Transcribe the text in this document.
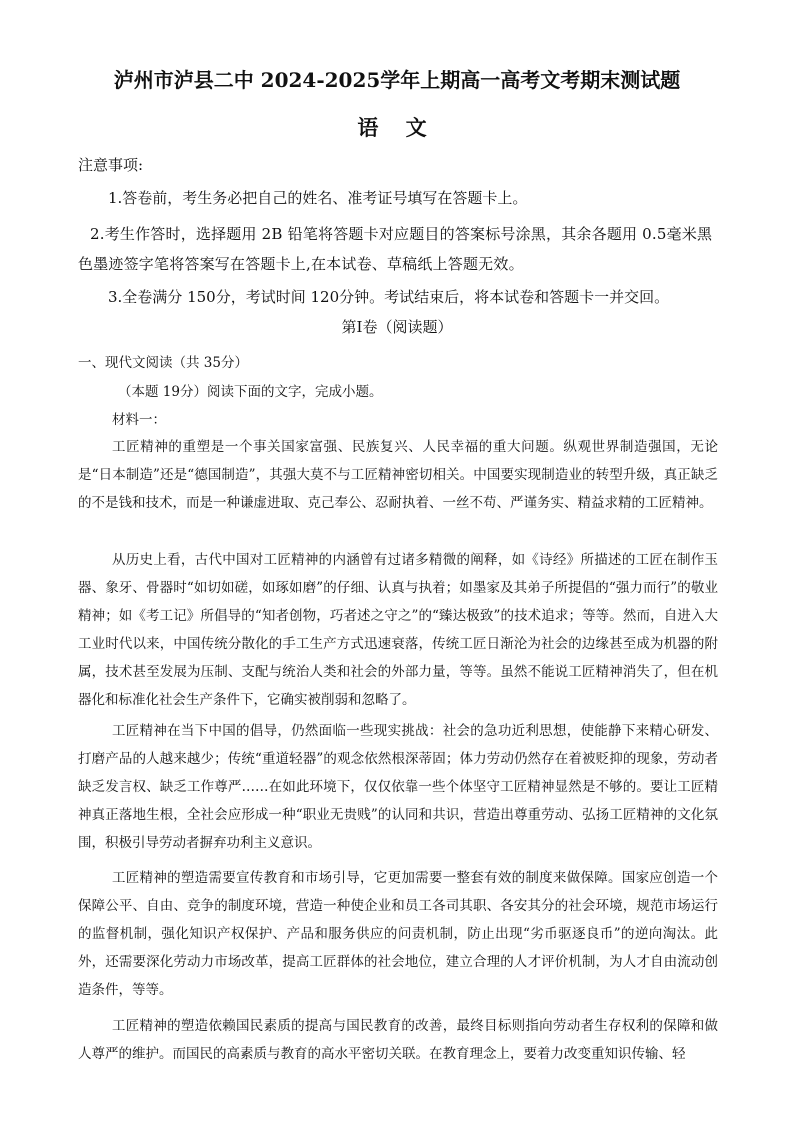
泸州市泸县二中 2024-2025学年上期高一高考文考期末测试题
语 文
注意事项:
1.答卷前，考生务必把自己的姓名、准考证号填写在答题卡上。
2.考生作答时，选择题用 2B 铅笔将答题卡对应题目的答案标号涂黑，其余各题用 0.5毫米黑色墨迹签字笔将答案写在答题卡上,在本试卷、草稿纸上答题无效。
3.全卷满分 150分，考试时间 120分钟。考试结束后，将本试卷和答题卡一并交回。
第Ⅰ卷（阅读题）
一、现代文阅读（共 35分）
（本题 19分）阅读下面的文字，完成小题。
材料一：
工匠精神的重塑是一个事关国家富强、民族复兴、人民幸福的重大问题。纵观世界制造强国，无论是“日本制造”还是“德国制造”，其强大莫不与工匠精神密切相关。中国要实现制造业的转型升级，真正缺乏的不是钱和技术，而是一种谦虚进取、克己奉公、忍耐执着、一丝不苟、严谨务实、精益求精的工匠精神。
从历史上看，古代中国对工匠精神的内涵曾有过诸多精微的阐释，如《诗经》所描述的工匠在制作玉器、象牙、骨器时“如切如磋，如琢如磨”的仔细、认真与执着；如墨家及其弟子所提倡的“强力而行”的敬业精神；如《考工记》所倡导的“知者创物，巧者述之守之”的“臻达极致”的技术追求；等等。然而，自进入大工业时代以来，中国传统分散化的手工生产方式迅速衰落，传统工匠日渐沦为社会的边缘甚至成为机器的附属，技术甚至发展为压制、支配与统治人类和社会的外部力量，等等。虽然不能说工匠精神消失了，但在机器化和标准化社会生产条件下，它确实被削弱和忽略了。
工匠精神在当下中国的倡导，仍然面临一些现实挑战：社会的急功近利思想，使能静下来精心研发、打磨产品的人越来越少；传统“重道轻器”的观念依然根深蒂固；体力劳动仍然存在着被贬抑的现象，劳动者缺乏发言权、缺乏工作尊严……在如此环境下，仅仅依靠一些个体坚守工匠精神显然是不够的。要让工匠精神真正落地生根，全社会应形成一种“职业无贵贱”的认同和共识，营造出尊重劳动、弘扬工匠精神的文化氛围，积极引导劳动者摒弃功利主义意识。
工匠精神的塑造需要宣传教育和市场引导，它更加需要一整套有效的制度来做保障。国家应创造一个保障公平、自由、竞争的制度环境，营造一种使企业和员工各司其职、各安其分的社会环境，规范市场运行的监督机制，强化知识产权保护、产品和服务供应的问责机制，防止出现“劣币驱逐良币”的逆向淘汰。此外，还需要深化劳动力市场改革，提高工匠群体的社会地位，建立合理的人才评价机制，为人才自由流动创造条件，等等。
工匠精神的塑造依赖国民素质的提高与国民教育的改善，最终目标则指向劳动者生存权利的保障和做人尊严的维护。而国民的高素质与教育的高水平密切关联。在教育理念上，要着力改变重知识传输、轻
